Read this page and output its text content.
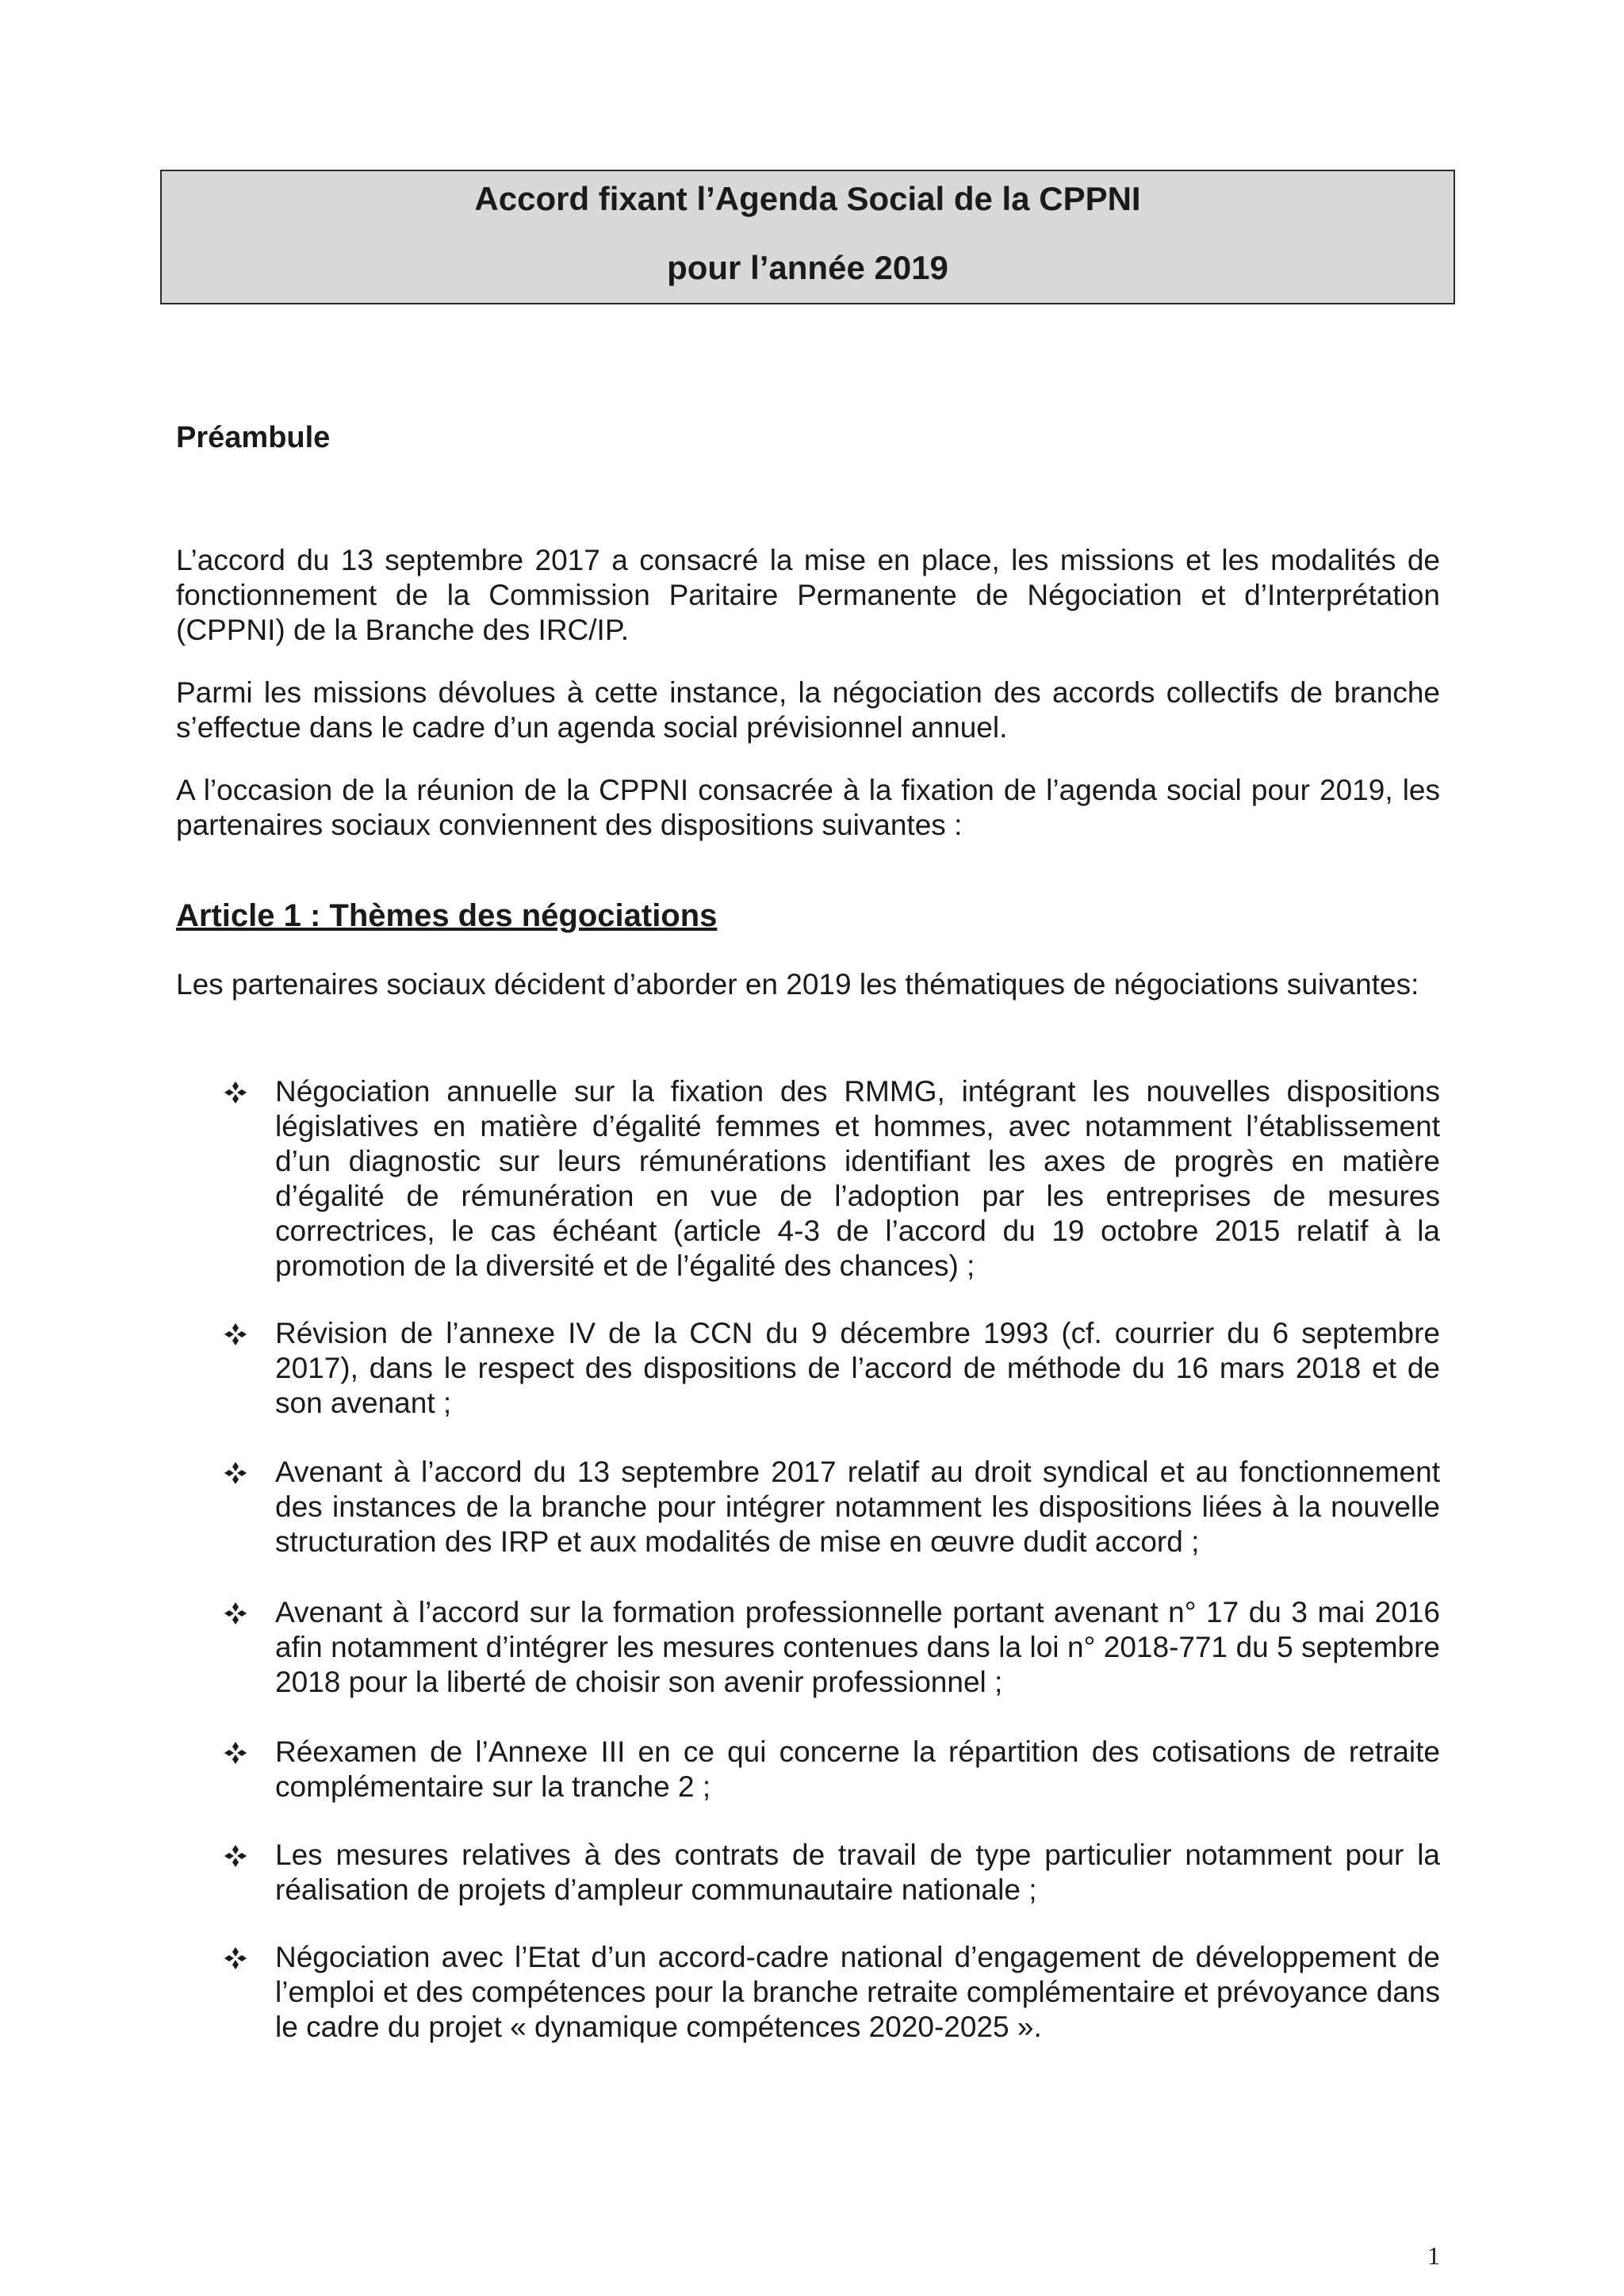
Accord fixant l’Agenda Social de la CPPNI
pour l’année 2019
Préambule

L’accord du 13 septembre 2017 a consacré la mise en place, les missions et les modalités de fonctionnement de la Commission Paritaire Permanente de Négociation et d’Interprétation (CPPNI) de la Branche des IRC/IP.

Parmi les missions dévolues à cette instance, la négociation des accords collectifs de branche s’effectue dans le cadre d’un agenda social prévisionnel annuel.

A l’occasion de la réunion de la CPPNI consacrée à la fixation de l’agenda social pour 2019, les partenaires sociaux conviennent des dispositions suivantes :

Article 1 : Thèmes des négociations

Les partenaires sociaux décident d’aborder en 2019 les thématiques de négociations suivantes:

Négociation annuelle sur la fixation des RMMG, intégrant les nouvelles dispositions législatives en matière d’égalité femmes et hommes, avec notamment l’établissement d’un diagnostic sur leurs rémunérations identifiant les axes de progrès en matière d’égalité de rémunération en vue de l’adoption par les entreprises de mesures correctrices, le cas échéant (article 4-3 de l’accord du 19 octobre 2015 relatif à la promotion de la diversité et de l’égalité des chances) ;

Révision de l’annexe IV de la CCN du 9 décembre 1993 (cf. courrier du 6 septembre 2017), dans le respect des dispositions de l’accord de méthode du 16 mars 2018 et de son avenant ;

Avenant à l’accord du 13 septembre 2017 relatif au droit syndical et au fonctionnement des instances de la branche pour intégrer notamment les dispositions liées à la nouvelle structuration des IRP et aux modalités de mise en œuvre dudit accord ;

Avenant à l’accord sur la formation professionnelle portant avenant n° 17 du 3 mai 2016 afin notamment d’intégrer les mesures contenues dans la loi n° 2018-771 du 5 septembre 2018 pour la liberté de choisir son avenir professionnel ;

Réexamen de l’Annexe III en ce qui concerne la répartition des cotisations de retraite complémentaire sur la tranche 2 ;

Les mesures relatives à des contrats de travail de type particulier notamment pour la réalisation de projets d’ampleur communautaire nationale ;

Négociation avec l’Etat d’un accord-cadre national d’engagement de développement de l’emploi et des compétences pour la branche retraite complémentaire et prévoyance dans le cadre du projet « dynamique compétences 2020-2025 ».

1
